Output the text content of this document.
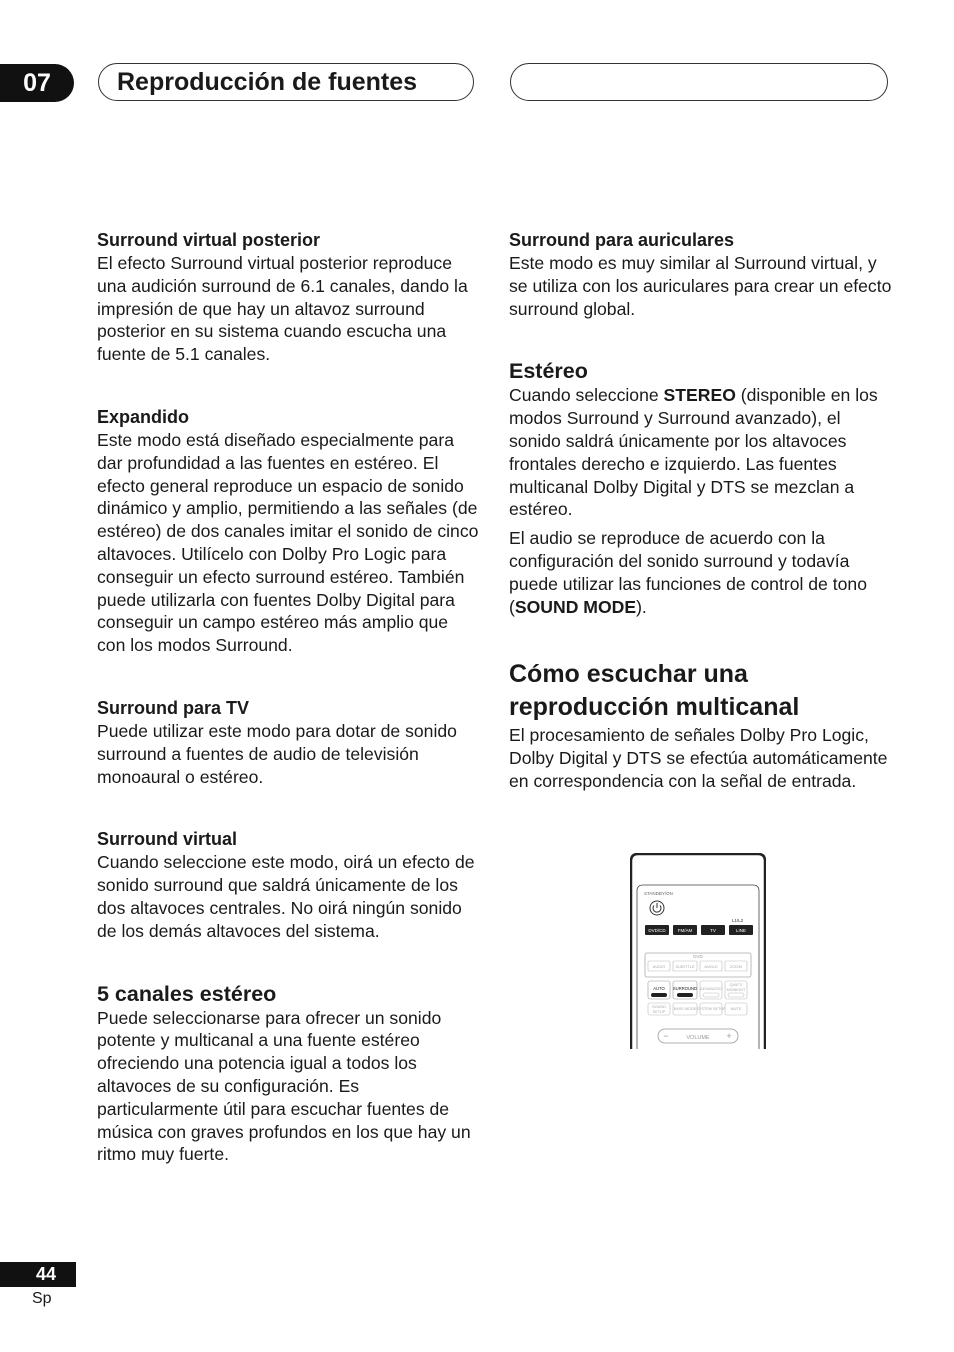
07	Reproducción de fuentes
Surround virtual posterior

El efecto Surround virtual posterior reproduce una audición surround de 6.1 canales, dando la impresión de que hay un altavoz surround posterior en su sistema cuando escucha una fuente de 5.1 canales.

Expandido

Este modo está diseñado especialmente para dar profundidad a las fuentes en estéreo. El efecto general reproduce un espacio de sonido dinámico y amplio, permitiendo a las señales (de estéreo) de dos canales imitar el sonido de cinco altavoces. Utilícelo con Dolby Pro Logic para conseguir un efecto surround estéreo. También puede utilizarla con fuentes Dolby Digital para conseguir un campo estéreo más amplio que con los modos Surround.

Surround para TV

Puede utilizar este modo para dotar de sonido surround a fuentes de audio de televisión monoaural o estéreo.

Surround virtual

Cuando seleccione este modo, oirá un efecto de sonido surround que saldrá únicamente de los dos altavoces centrales. No oirá ningún sonido de los demás altavoces del sistema.

5 canales estéreo

Puede seleccionarse para ofrecer un sonido potente y multicanal a una fuente estéreo ofreciendo una potencia igual a todos los altavoces de su configuración. Es particularmente útil para escuchar fuentes de música con graves profundos en los que hay un ritmo muy fuerte.

Surround para auriculares

Este modo es muy similar al Surround virtual, y se utiliza con los auriculares para crear un efecto surround global.

Estéreo

Cuando seleccione STEREO (disponible en los modos Surround y Surround avanzado), el sonido saldrá únicamente por los altavoces frontales derecho e izquierdo. Las fuentes multicanal Dolby Digital y DTS se mezclan a estéreo.

El audio se reproduce de acuerdo con la configuración del sonido surround y todavía puede utilizar las funciones de control de tono (SOUND MODE).

Cómo escuchar una
reproducción multicanal

El procesamiento de señales Dolby Pro Logic, Dolby Digital y DTS se efectúa automáticamente en correspondencia con la señal de entrada.

STANDBY/ON
L1/L2
DVD/CD	FM/AM	TV	LINE
DVD
AUDIO	SUBTITLE ANGLE	ZOOM
AUTO SURROUND ADVANCED
QUIET/
MIDNIGHT
SOUND
SETUP
BASS MODE SYSTEM SETUP MUTE
−	+
VOLUME
44
Sp
